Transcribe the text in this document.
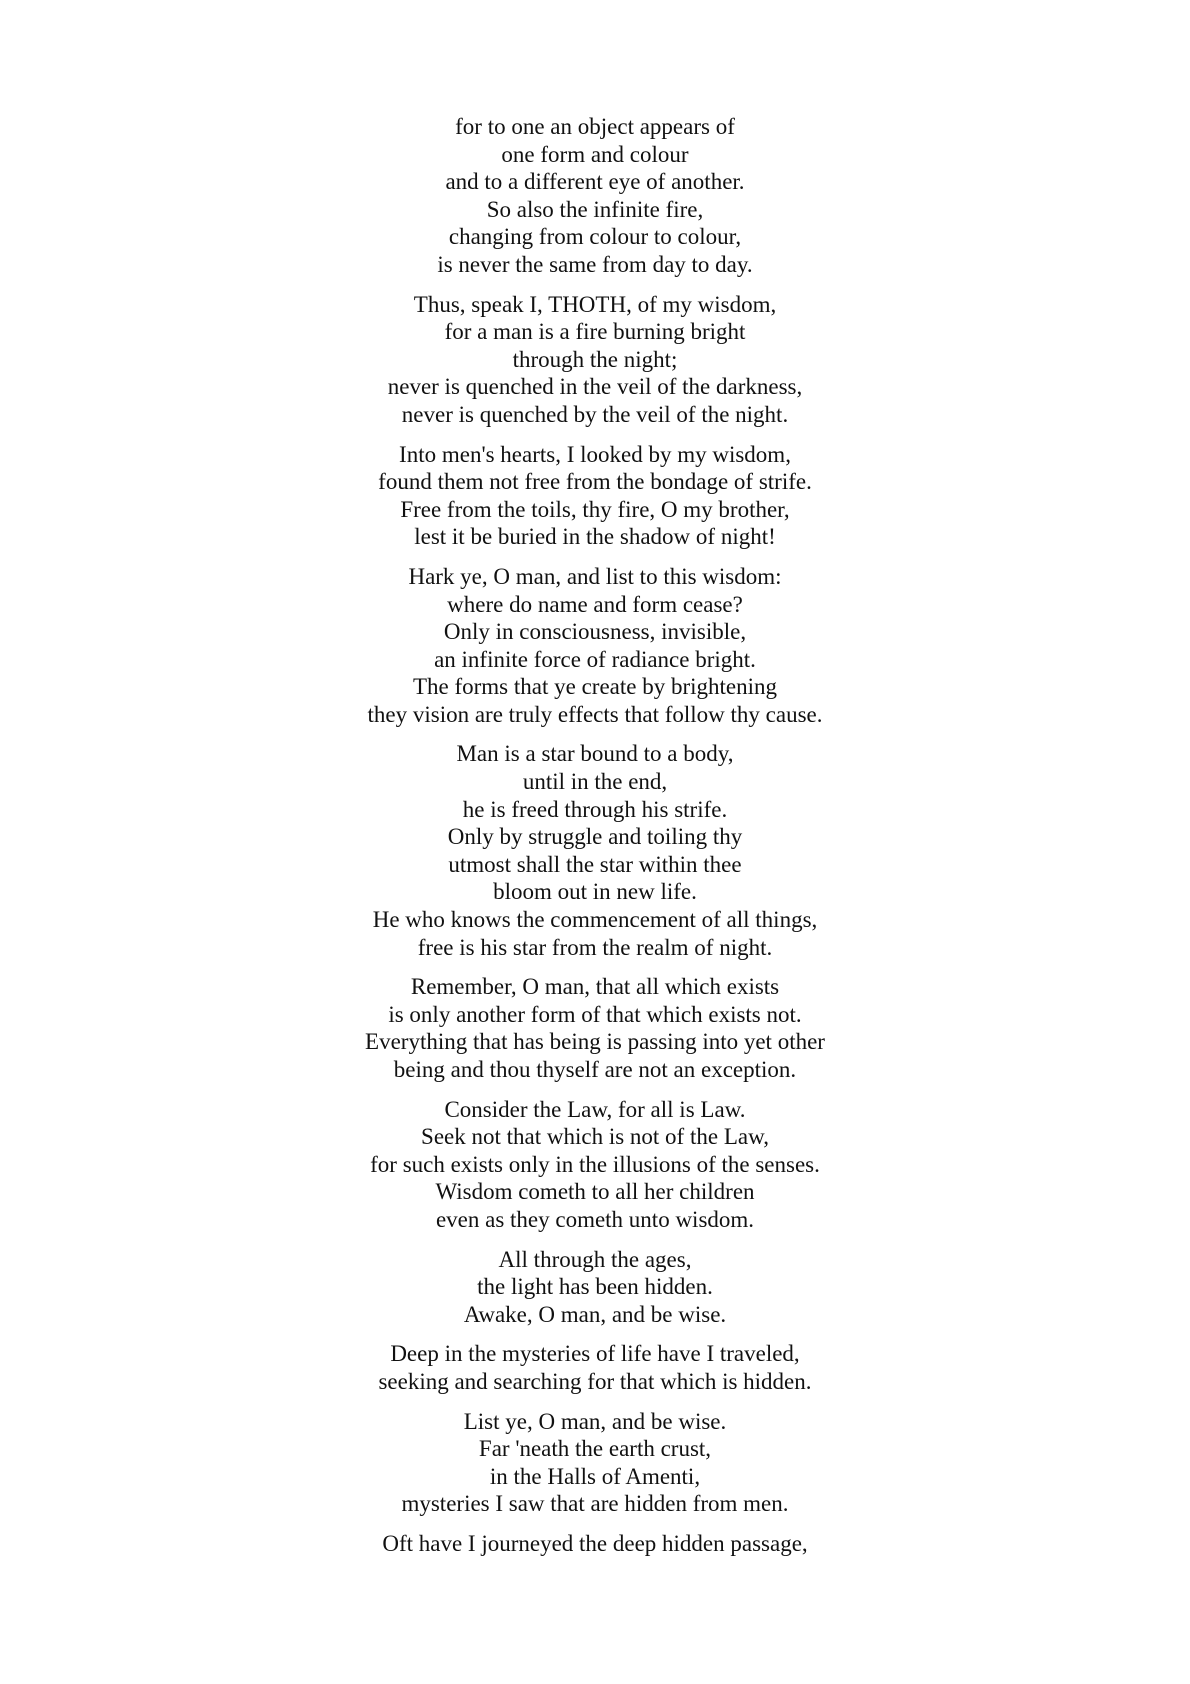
for to one an object appears of
one form and colour
and to a different eye of another.
So also the infinite fire,
changing from colour to colour,
is never the same from day to day.
Thus, speak I, THOTH, of my wisdom,
for a man is a fire burning bright
through the night;
never is quenched in the veil of the darkness,
never is quenched by the veil of the night.
Into men's hearts, I looked by my wisdom,
found them not free from the bondage of strife.
Free from the toils, thy fire, O my brother,
lest it be buried in the shadow of night!
Hark ye, O man, and list to this wisdom:
where do name and form cease?
Only in consciousness, invisible,
an infinite force of radiance bright.
The forms that ye create by brightening
they vision are truly effects that follow thy cause.
Man is a star bound to a body,
until in the end,
he is freed through his strife.
Only by struggle and toiling thy
utmost shall the star within thee
bloom out in new life.
He who knows the commencement of all things,
free is his star from the realm of night.
Remember, O man, that all which exists
is only another form of that which exists not.
Everything that has being is passing into yet other
being and thou thyself are not an exception.
Consider the Law, for all is Law.
Seek not that which is not of the Law,
for such exists only in the illusions of the senses.
Wisdom cometh to all her children
even as they cometh unto wisdom.
All through the ages,
the light has been hidden.
Awake, O man, and be wise.
Deep in the mysteries of life have I traveled,
seeking and searching for that which is hidden.
List ye, O man, and be wise.
Far 'neath the earth crust,
in the Halls of Amenti,
mysteries I saw that are hidden from men.
Oft have I journeyed the deep hidden passage,
